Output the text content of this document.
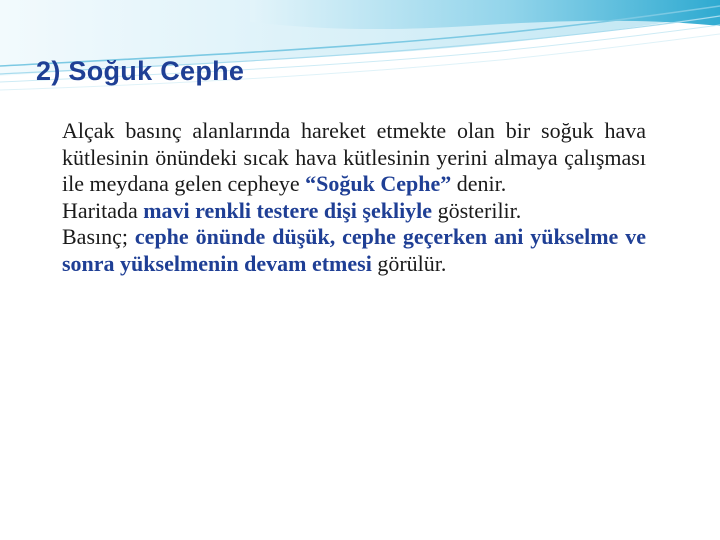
2) Soğuk Cephe

Alçak basınç alanlarında hareket etmekte olan bir soğuk hava kütlesinin önündeki sıcak hava kütlesinin yerini almaya çalışması ile meydana gelen cepheye “Soğuk Cephe” denir.

Haritada mavi renkli testere dişi şekliyle gösterilir.

Basınç; cephe önünde düşük, cephe geçerken ani yükselme ve sonra yükselmenin devam etmesi görülür.
